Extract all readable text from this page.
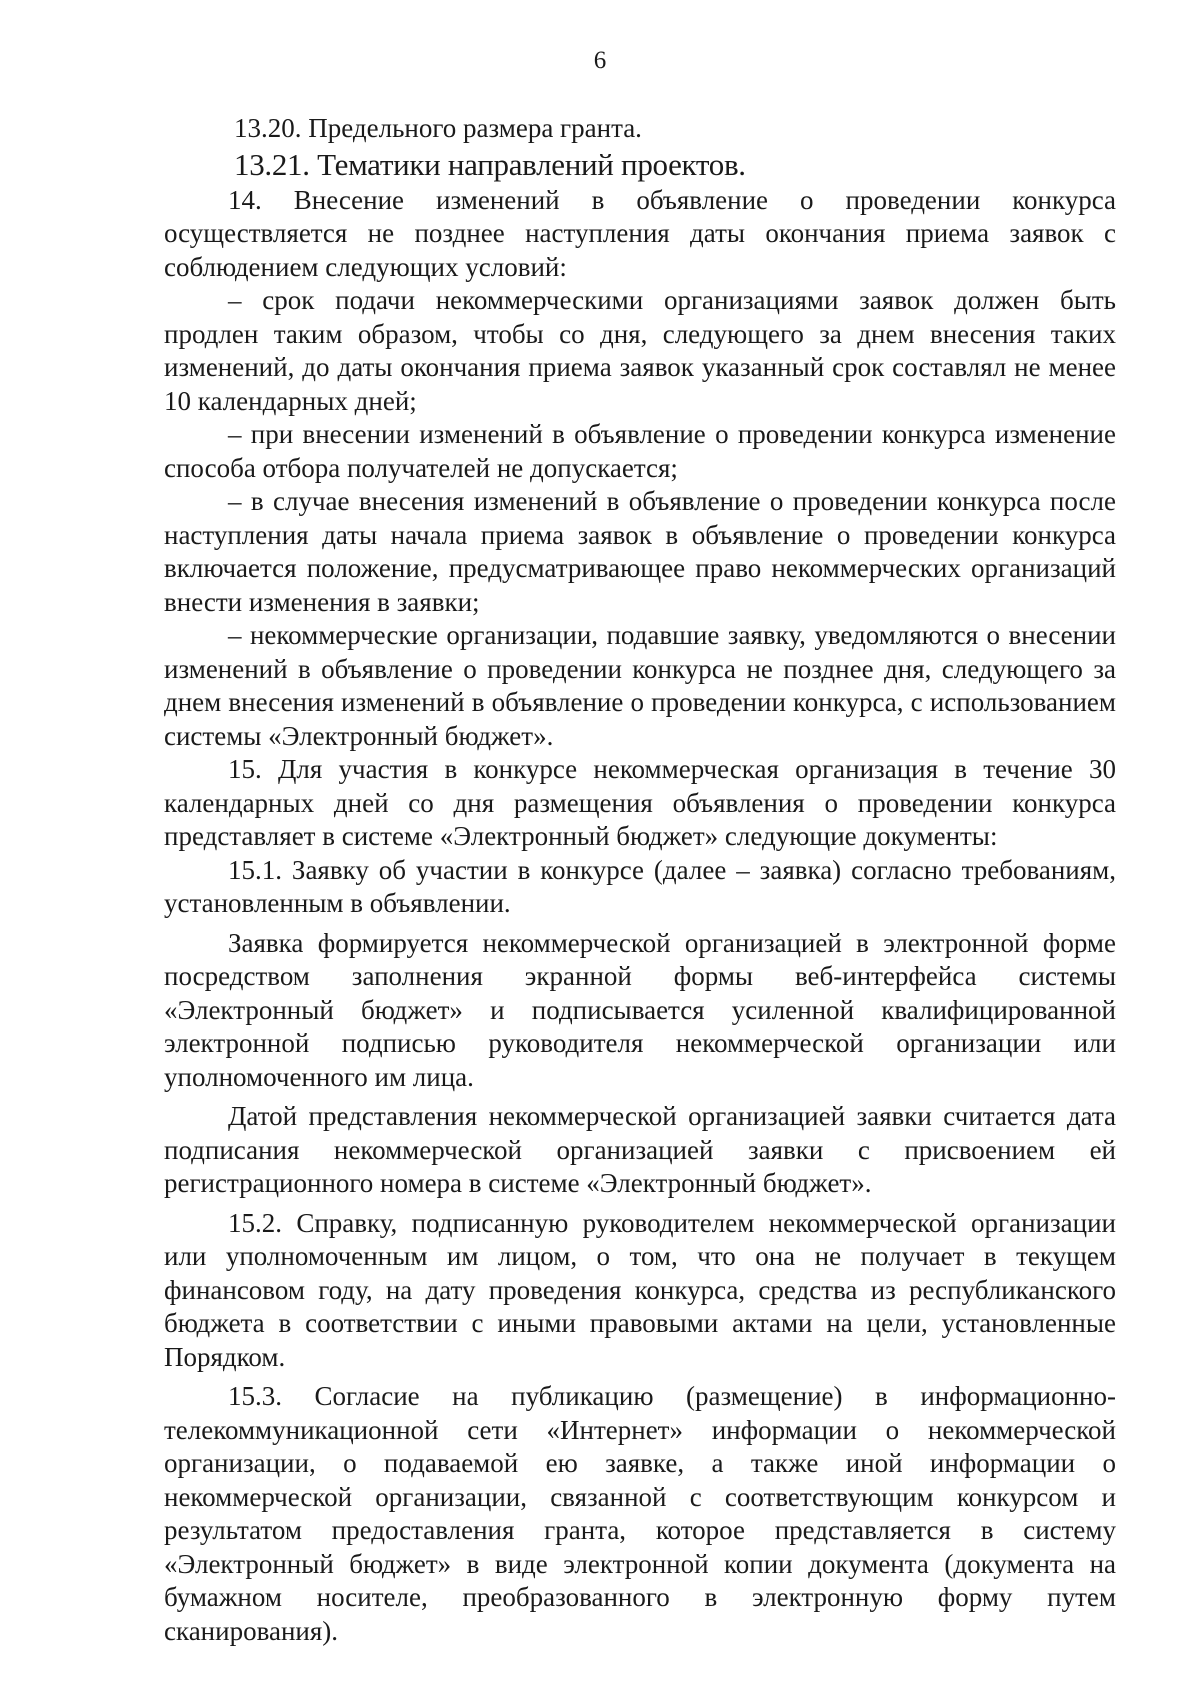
6

13.20. Предельного размера гранта.

13.21. Тематики направлений проектов.

14. Внесение изменений в объявление о проведении конкурса осуществляется не позднее наступления даты окончания приема заявок с соблюдением следующих условий:

– срок подачи некоммерческими организациями заявок должен быть продлен таким образом, чтобы со дня, следующего за днем внесения таких изменений, до даты окончания приема заявок указанный срок составлял не менее 10 календарных дней;

– при внесении изменений в объявление о проведении конкурса изменение способа отбора получателей не допускается;

– в случае внесения изменений в объявление о проведении конкурса после наступления даты начала приема заявок в объявление о проведении конкурса включается положение, предусматривающее право некоммерческих организаций внести изменения в заявки;

– некоммерческие организации, подавшие заявку, уведомляются о внесении изменений в объявление о проведении конкурса не позднее дня, следующего за днем внесения изменений в объявление о проведении конкурса, с использованием системы «Электронный бюджет».

15. Для участия в конкурсе некоммерческая организация в течение 30 календарных дней со дня размещения объявления о проведении конкурса представляет в системе «Электронный бюджет» следующие документы:

15.1. Заявку об участии в конкурсе (далее – заявка) согласно требованиям, установленным в объявлении.

Заявка формируется некоммерческой организацией в электронной форме посредством заполнения экранной формы веб-интерфейса системы «Электронный бюджет» и подписывается усиленной квалифицированной электронной подписью руководителя некоммерческой организации или уполномоченного им лица.

Датой представления некоммерческой организацией заявки считается дата подписания некоммерческой организацией заявки с присвоением ей регистрационного номера в системе «Электронный бюджет».

15.2. Справку, подписанную руководителем некоммерческой организации или уполномоченным им лицом, о том, что она не получает в текущем финансовом году, на дату проведения конкурса, средства из республиканского бюджета в соответствии с иными правовыми актами на цели, установленные Порядком.

15.3. Согласие на публикацию (размещение) в информационно-телекоммуникационной сети «Интернет» информации о некоммерческой организации, о подаваемой ею заявке, а также иной информации о некоммерческой организации, связанной с соответствующим конкурсом и результатом предоставления гранта, которое представляется в систему «Электронный бюджет» в виде электронной копии документа (документа на бумажном носителе, преобразованного в электронную форму путем сканирования).
